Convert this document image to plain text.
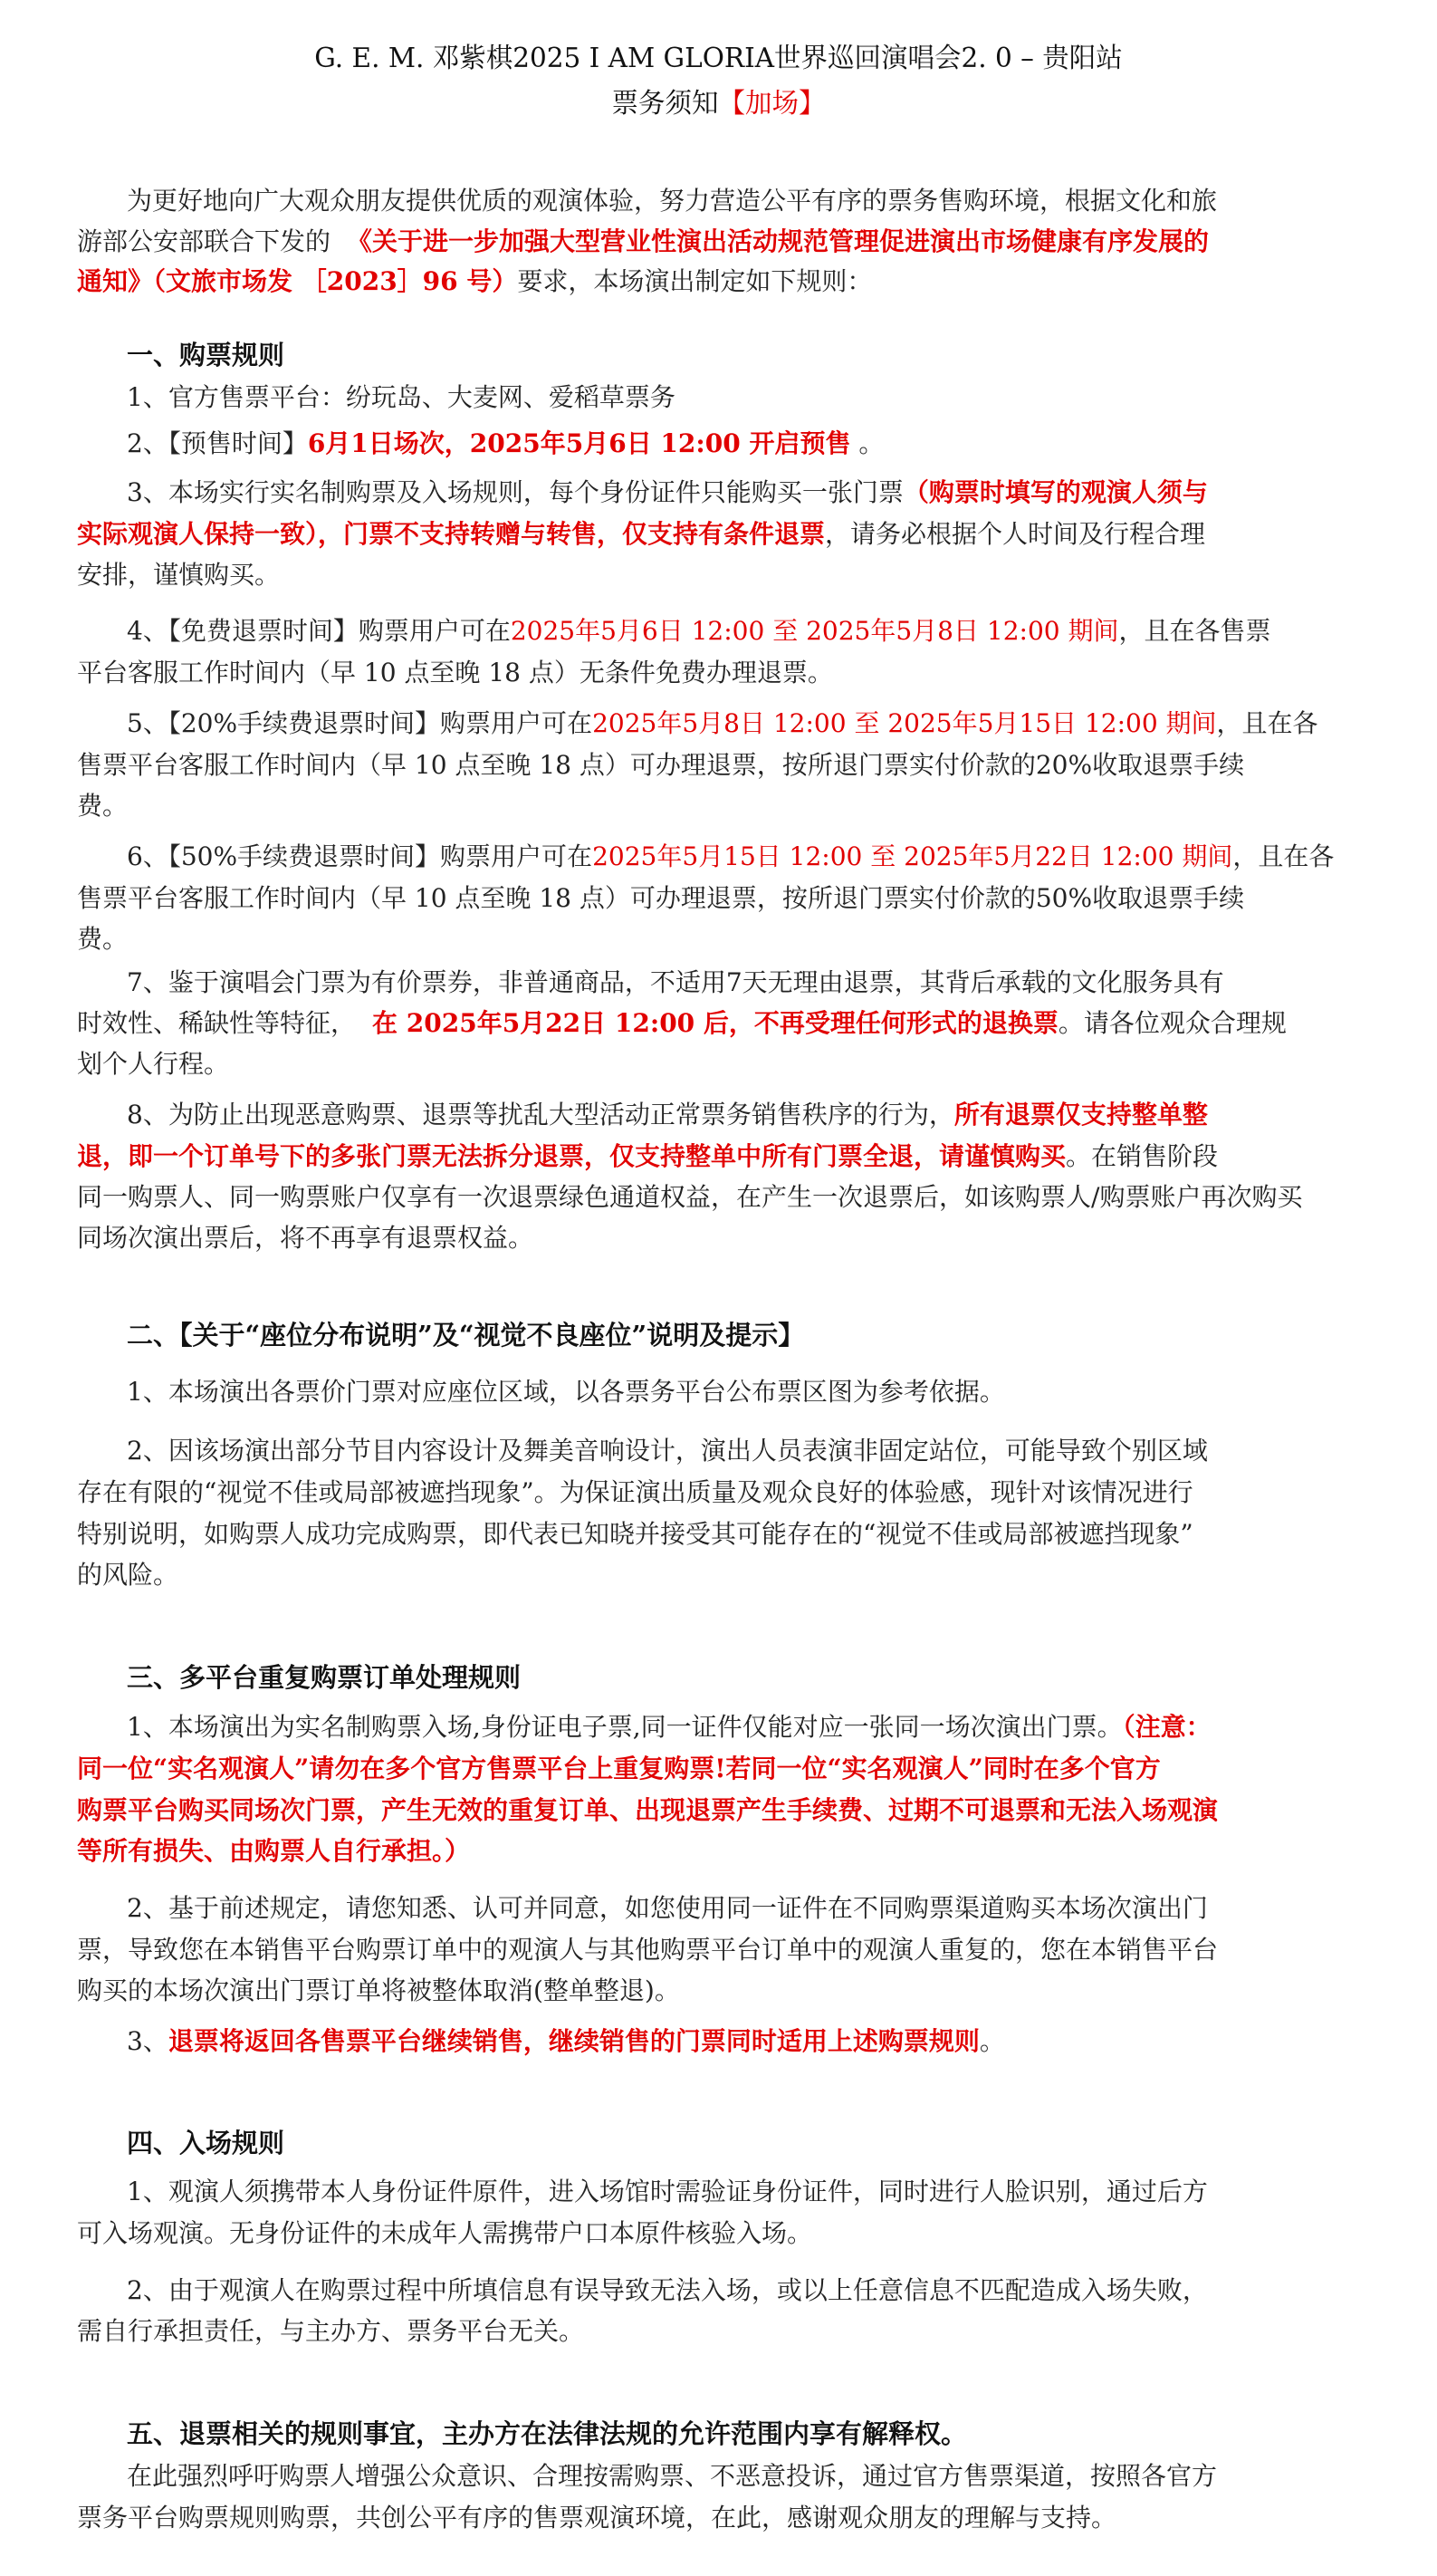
G. E. M. 邓紫棋2025 I AM GLORIA世界巡回演唱会2. 0 – 贵阳站
票务须知【加场】
为更好地向广大观众朋友提供优质的观演体验，努力营造公平有序的票务售购环境，根据文化和旅
游部公安部联合下发的 《关于进一步加强大型营业性演出活动规范管理促进演出市场健康有序发展的
通知》（文旅市场发 ［2023］96 号）要求，本场演出制定如下规则：
一、购票规则
1、官方售票平台：纷玩岛、大麦网、爱稻草票务
2、【预售时间】6月1日场次，2025年5月6日 12:00 开启预售 。
3、本场实行实名制购票及入场规则，每个身份证件只能购买一张门票（购票时填写的观演人须与
实际观演人保持一致），门票不支持转赠与转售，仅支持有条件退票，请务必根据个人时间及行程合理
安排，谨慎购买。
4、【免费退票时间】购票用户可在2025年5月6日 12:00 至 2025年5月8日 12:00 期间，且在各售票
平台客服工作时间内（早 10 点至晚 18 点）无条件免费办理退票。
5、【20%手续费退票时间】购票用户可在2025年5月8日 12:00 至 2025年5月15日 12:00 期间，且在各
售票平台客服工作时间内（早 10 点至晚 18 点）可办理退票，按所退门票实付价款的20%收取退票手续
费。
6、【50%手续费退票时间】购票用户可在2025年5月15日 12:00 至 2025年5月22日 12:00 期间，且在各
售票平台客服工作时间内（早 10 点至晚 18 点）可办理退票，按所退门票实付价款的50%收取退票手续
费。
7、鉴于演唱会门票为有价票券，非普通商品，不适用7天无理由退票，其背后承载的文化服务具有
时效性、稀缺性等特征， 在 2025年5月22日 12:00 后，不再受理任何形式的退换票。请各位观众合理规
划个人行程。
8、为防止出现恶意购票、退票等扰乱大型活动正常票务销售秩序的行为，所有退票仅支持整单整
退，即一个订单号下的多张门票无法拆分退票，仅支持整单中所有门票全退，请谨慎购买。在销售阶段
同一购票人、同一购票账户仅享有一次退票绿色通道权益，在产生一次退票后，如该购票人/购票账户再次购买
同场次演出票后，将不再享有退票权益。
二、【关于“座位分布说明”及“视觉不良座位”说明及提示】
1、本场演出各票价门票对应座位区域，以各票务平台公布票区图为参考依据。
2、因该场演出部分节目内容设计及舞美音响设计，演出人员表演非固定站位，可能导致个别区域
存在有限的“视觉不佳或局部被遮挡现象”。为保证演出质量及观众良好的体验感，现针对该情况进行
特别说明，如购票人成功完成购票，即代表已知晓并接受其可能存在的“视觉不佳或局部被遮挡现象”
的风险。
三、多平台重复购票订单处理规则
1、本场演出为实名制购票入场,身份证电子票,同一证件仅能对应一张同一场次演出门票。（注意：
同一位“实名观演人”请勿在多个官方售票平台上重复购票!若同一位“实名观演人”同时在多个官方
购票平台购买同场次门票，产生无效的重复订单、出现退票产生手续费、过期不可退票和无法入场观演
等所有损失、由购票人自行承担。）
2、基于前述规定，请您知悉、认可并同意，如您使用同一证件在不同购票渠道购买本场次演出门
票，导致您在本销售平台购票订单中的观演人与其他购票平台订单中的观演人重复的，您在本销售平台
购买的本场次演出门票订单将被整体取消(整单整退)。
3、退票将返回各售票平台继续销售，继续销售的门票同时适用上述购票规则。
四、入场规则
1、观演人须携带本人身份证件原件，进入场馆时需验证身份证件，同时进行人脸识别，通过后方
可入场观演。无身份证件的未成年人需携带户口本原件核验入场。
2、由于观演人在购票过程中所填信息有误导致无法入场，或以上任意信息不匹配造成入场失败，
需自行承担责任，与主办方、票务平台无关。
五、退票相关的规则事宜，主办方在法律法规的允许范围内享有解释权。
在此强烈呼吁购票人增强公众意识、合理按需购票、不恶意投诉，通过官方售票渠道，按照各官方
票务平台购票规则购票，共创公平有序的售票观演环境，在此，感谢观众朋友的理解与支持。
